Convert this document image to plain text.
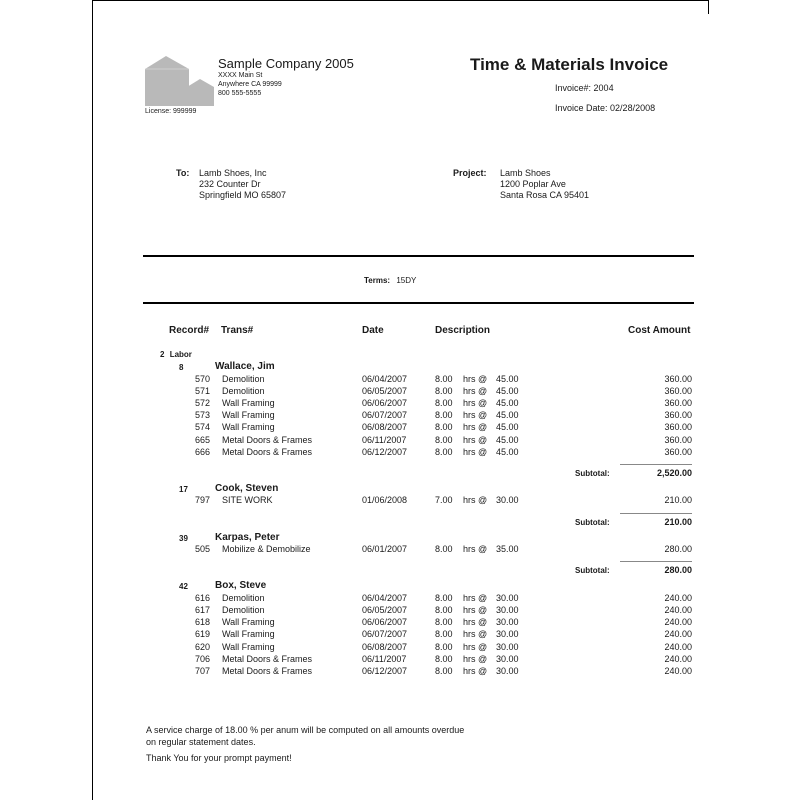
License: 999999
Sample Company 2005
XXXX Main St
Anywhere CA 99999
800 555-5555
Time & Materials Invoice
Invoice#: 2004
Invoice Date: 02/28/2008
To: Lamb Shoes, Inc
232 Counter Dr
Springfield MO 65807
Project: Lamb Shoes
1200 Poplar Ave
Santa Rosa CA 95401
Terms: 15DY
Record# Trans#	Date	Description	Cost Amount
2 Labor
8	Wallace, Jim
570 Demolition	06/04/2007	8.00 hrs @ 45.00	360.00
571 Demolition	06/05/2007	8.00 hrs @ 45.00	360.00
572 Wall Framing	06/06/2007	8.00 hrs @ 45.00	360.00
573 Wall Framing	06/07/2007	8.00 hrs @ 45.00	360.00
574 Wall Framing	06/08/2007	8.00 hrs @ 45.00	360.00
665 Metal Doors & Frames	06/11/2007	8.00 hrs @ 45.00	360.00
666 Metal Doors & Frames	06/12/2007	8.00 hrs @ 45.00	360.00
Subtotal:	2,520.00
17	Cook, Steven
797 SITE WORK	01/06/2008	7.00 hrs @ 30.00	210.00
Subtotal:	210.00
39	Karpas, Peter
505 Mobilize & Demobilize	06/01/2007	8.00 hrs @ 35.00	280.00
Subtotal:	280.00
42	Box, Steve
616 Demolition	06/04/2007	8.00 hrs @ 30.00	240.00
617 Demolition	06/05/2007	8.00 hrs @ 30.00	240.00
618 Wall Framing	06/06/2007	8.00 hrs @ 30.00	240.00
619 Wall Framing	06/07/2007	8.00 hrs @ 30.00	240.00
620 Wall Framing	06/08/2007	8.00 hrs @ 30.00	240.00
706 Metal Doors & Frames	06/11/2007	8.00 hrs @ 30.00	240.00
707 Metal Doors & Frames	06/12/2007	8.00 hrs @ 30.00	240.00
A service charge of 18.00 % per anum will be computed on all amounts overdue
on regular statement dates.
Thank You for your prompt payment!
